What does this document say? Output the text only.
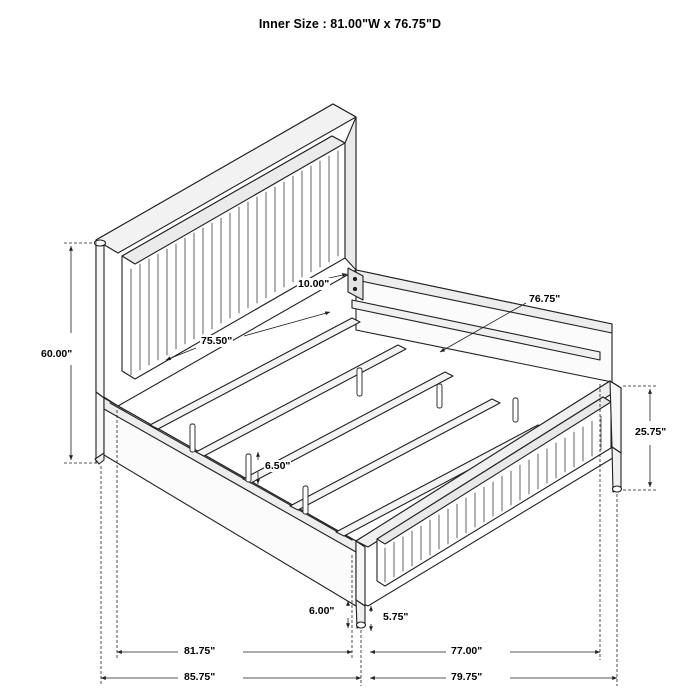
Inner Size : 81.00"W x 76.75"D
60.00"
10.00"
75.50"
76.75"
25.75"
6.50"
6.00"	5.75"
81.75"	77.00"
85.75"	79.75"
